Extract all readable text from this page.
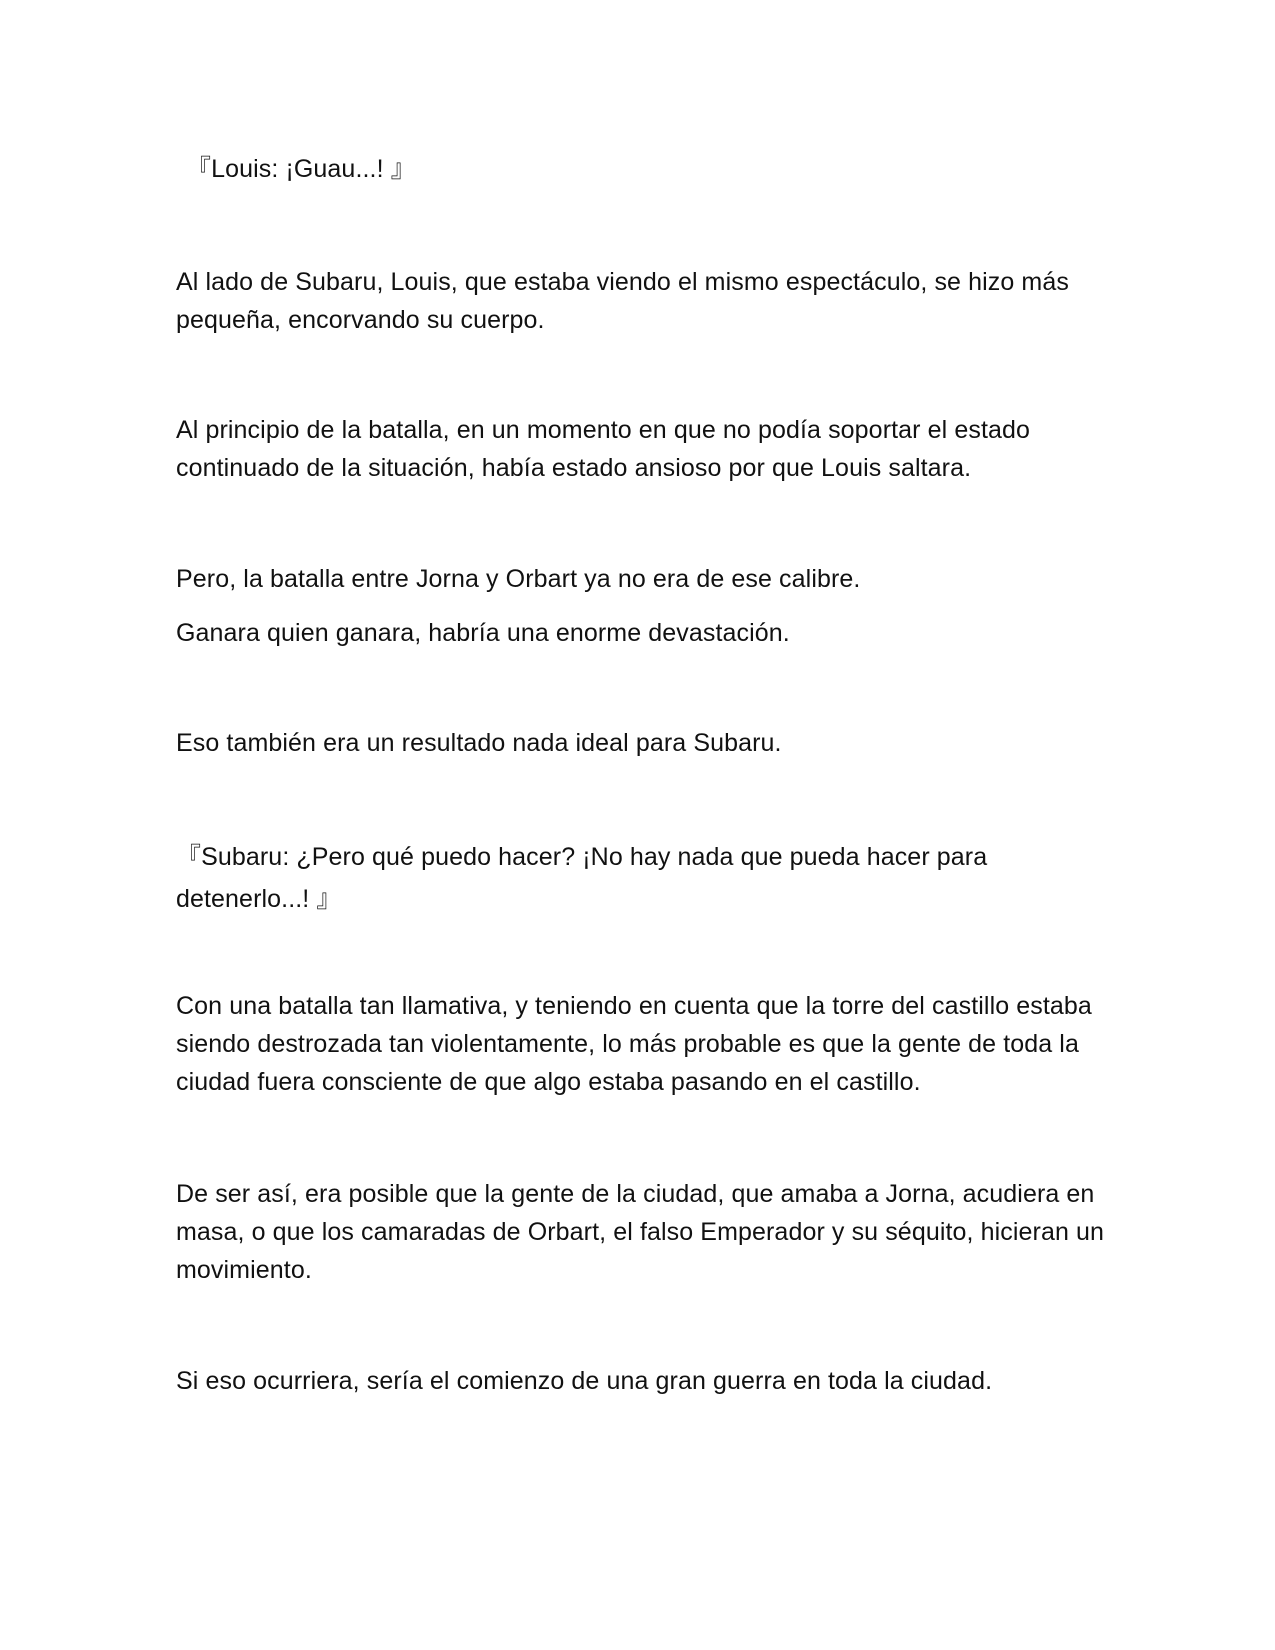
『Louis: ¡Guau...! 』

Al lado de Subaru, Louis, que estaba viendo el mismo espectáculo, se hizo más pequeña, encorvando su cuerpo.

Al principio de la batalla, en un momento en que no podía soportar el estado continuado de la situación, había estado ansioso por que Louis saltara.

Pero, la batalla entre Jorna y Orbart ya no era de ese calibre.

Ganara quien ganara, habría una enorme devastación.

Eso también era un resultado nada ideal para Subaru.

『Subaru: ¿Pero qué puedo hacer? ¡No hay nada que pueda hacer para detenerlo...! 』

Con una batalla tan llamativa, y teniendo en cuenta que la torre del castillo estaba siendo destrozada tan violentamente, lo más probable es que la gente de toda la ciudad fuera consciente de que algo estaba pasando en el castillo.

De ser así, era posible que la gente de la ciudad, que amaba a Jorna, acudiera en masa, o que los camaradas de Orbart, el falso Emperador y su séquito, hicieran un movimiento.

Si eso ocurriera, sería el comienzo de una gran guerra en toda la ciudad.
